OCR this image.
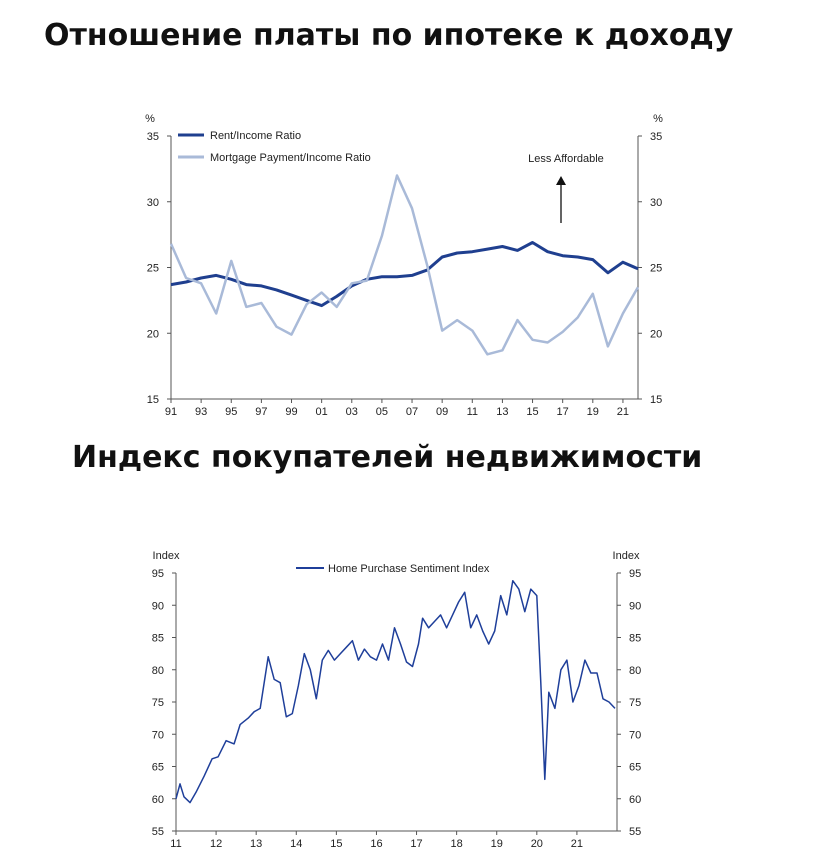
Отношение платы по ипотеке к доходу
15	15
20	20
25	25
30	30
35	35
%	%
91 93 95 97 99 01 03 05 07 09 11 13 15 17 19 21
Rent/Income Ratio
Mortgage Payment/Income Ratio	Less Affordable
Индекс покупателей недвижимости
55	55
60	60
65	65
70	70
75	75
80	80
85	85
90	90
95	95
Index	Index
11	12	13	14	15	16	17	18	19	20	21
Home Purchase Sentiment Index
